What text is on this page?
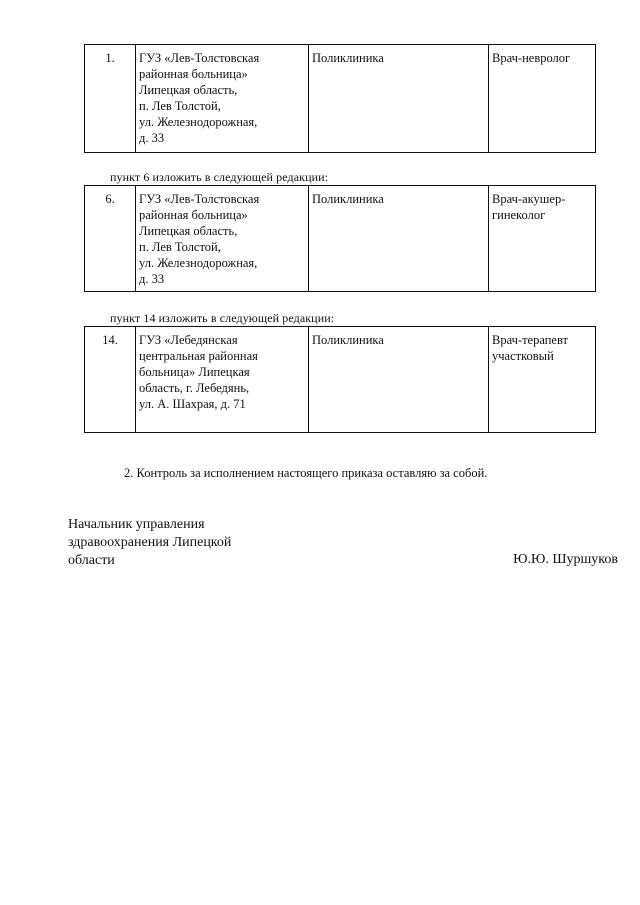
1.	ГУЗ «Лев-Толстовская
районная больница»
Липецкая область,
п. Лев Толстой,
ул. Железнодорожная,
д. 33
	Поликлиника	Врач-невролог
пункт 6 изложить в следующей редакции:
6.	ГУЗ «Лев-Толстовская
районная больница»
Липецкая область,
п. Лев Толстой,
ул. Железнодорожная,
д. 33
	Поликлиника	Врач-акушер-
гинеколог
пункт 14 изложить в следующей редакции:
14.	ГУЗ «Лебедянская
центральная районная
больница» Липецкая
область, г. Лебедянь,
ул. А. Шахрая, д. 71
	Поликлиника	Врач-терапевт
участковый
2. Контроль за исполнением настоящего приказа оставляю за собой.
Начальник управления
здравоохранения Липецкой
области	Ю.Ю. Шуршуков
